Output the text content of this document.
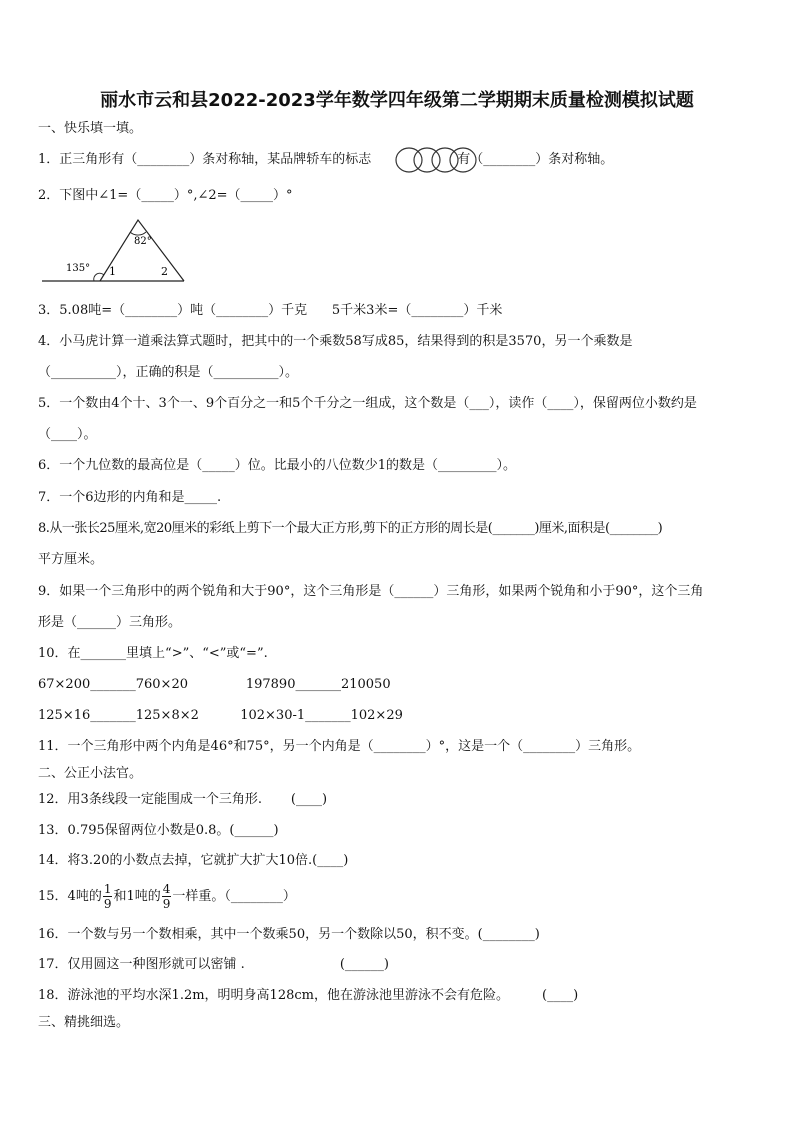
丽水市云和县2022-2023学年数学四年级第二学期期末质量检测模拟试题
一、快乐填一填。
1．正三角形有（________）条对称轴，某品牌轿车的标志	有（________）条对称轴。
2．下图中∠1=（_____）°,∠2=（_____）°
82°
135° 1	2
3．5.08吨=（________）吨（________）千克      5千米3米=（________）千米
4．小马虎计算一道乘法算式题时，把其中的一个乘数58写成85，结果得到的积是3570，另一个乘数是
（__________），正确的积是（__________）。
5．一个数由4个十、3个一、9个百分之一和5个千分之一组成，这个数是（___），读作（____），保留两位小数约是
（____）。
6．一个九位数的最高位是（_____）位。比最小的八位数少1的数是（_________）。
7．一个6边形的内角和是_____.
8.从一张长25厘米,宽20厘米的彩纸上剪下一个最大正方形,剪下的正方形的周长是(_______)厘米,面积是(________)
平方厘米。
9．如果一个三角形中的两个锐角和大于90°，这个三角形是（______）三角形，如果两个锐角和小于90°，这个三角
形是（______）三角形。
10．在_______里填上“>”、“<”或“=”.
67×200_______760×20              197890_______210050
125×16_______125×8×2          102×30-1_______102×29
11．一个三角形中两个内角是46°和75°，另一个内角是（________）°，这是一个（________）三角形。
二、公正小法官。
12．用3条线段一定能围成一个三角形.       (____)
13．0.795保留两位小数是0.8。(______)
14．将3.20的小数点去掉，它就扩大扩大10倍.(____)
15．4吨的 $\frac{1}{9}$ 和1吨的 $\frac{4}{9}$ 一样重。（________）
16．一个数与另一个数相乘，其中一个数乘50，另一个数除以50，积不变。(________)
17．仅用圆这一种图形就可以密铺 .                       (______)
18．游泳池的平均水深1.2m，明明身高128cm，他在游泳池里游泳不会有危险。        (____)
三、精挑细选。
